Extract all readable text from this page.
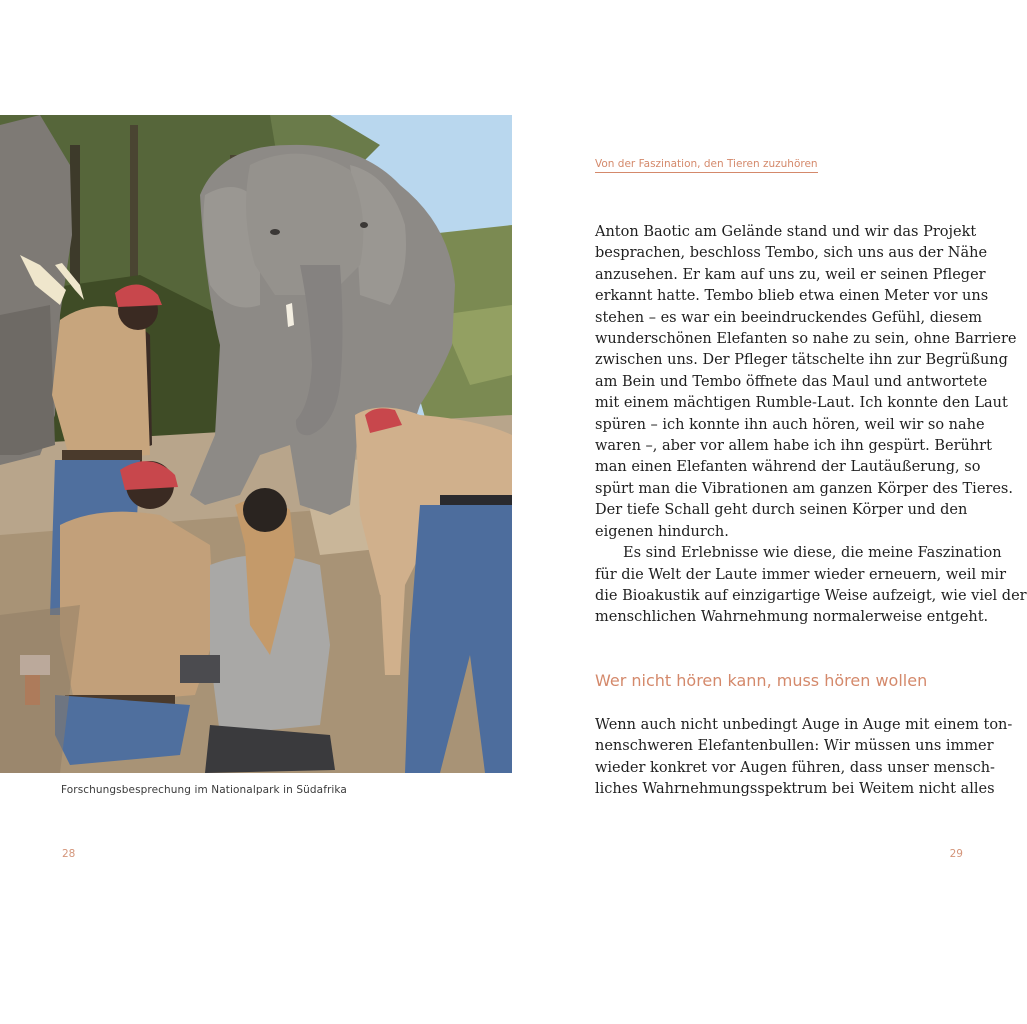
Forschungsbesprechung im Nationalpark in Südafrika
28
Von der Faszination, den Tieren zuzuhören
Anton Baotic am Gelände stand und wir das Projekt
besprachen, beschloss Tembo, sich uns aus der Nähe
anzusehen. Er kam auf uns zu, weil er seinen Pfleger
erkannt hatte. Tembo blieb etwa einen Meter vor uns
stehen – es war ein beeindruckendes Gefühl, diesem
wunderschönen Elefanten so nahe zu sein, ohne Barriere
zwischen uns. Der Pfleger tätschelte ihn zur Begrüßung
am Bein und Tembo öffnete das Maul und antwortete
mit einem mächtigen Rumble-Laut. Ich konnte den Laut
spüren – ich konnte ihn auch hören, weil wir so nahe
waren –, aber vor allem habe ich ihn gespürt. Berührt
man einen Elefanten während der Lautäußerung, so
spürt man die Vibrationen am ganzen Körper des Tieres.
Der tiefe Schall geht durch seinen Körper und den
eigenen hindurch.
Es sind Erlebnisse wie diese, die meine Faszination
für die Welt der Laute immer wieder erneuern, weil mir
die Bioakustik auf einzigartige Weise aufzeigt, wie viel der
menschlichen Wahrnehmung normalerweise entgeht.
Wer nicht hören kann, muss hören wollen
Wenn auch nicht unbedingt Auge in Auge mit einem ton-
nenschweren Elefantenbullen: Wir müssen uns immer
wieder konkret vor Augen führen, dass unser mensch-
liches Wahrnehmungsspektrum bei Weitem nicht alles
29
